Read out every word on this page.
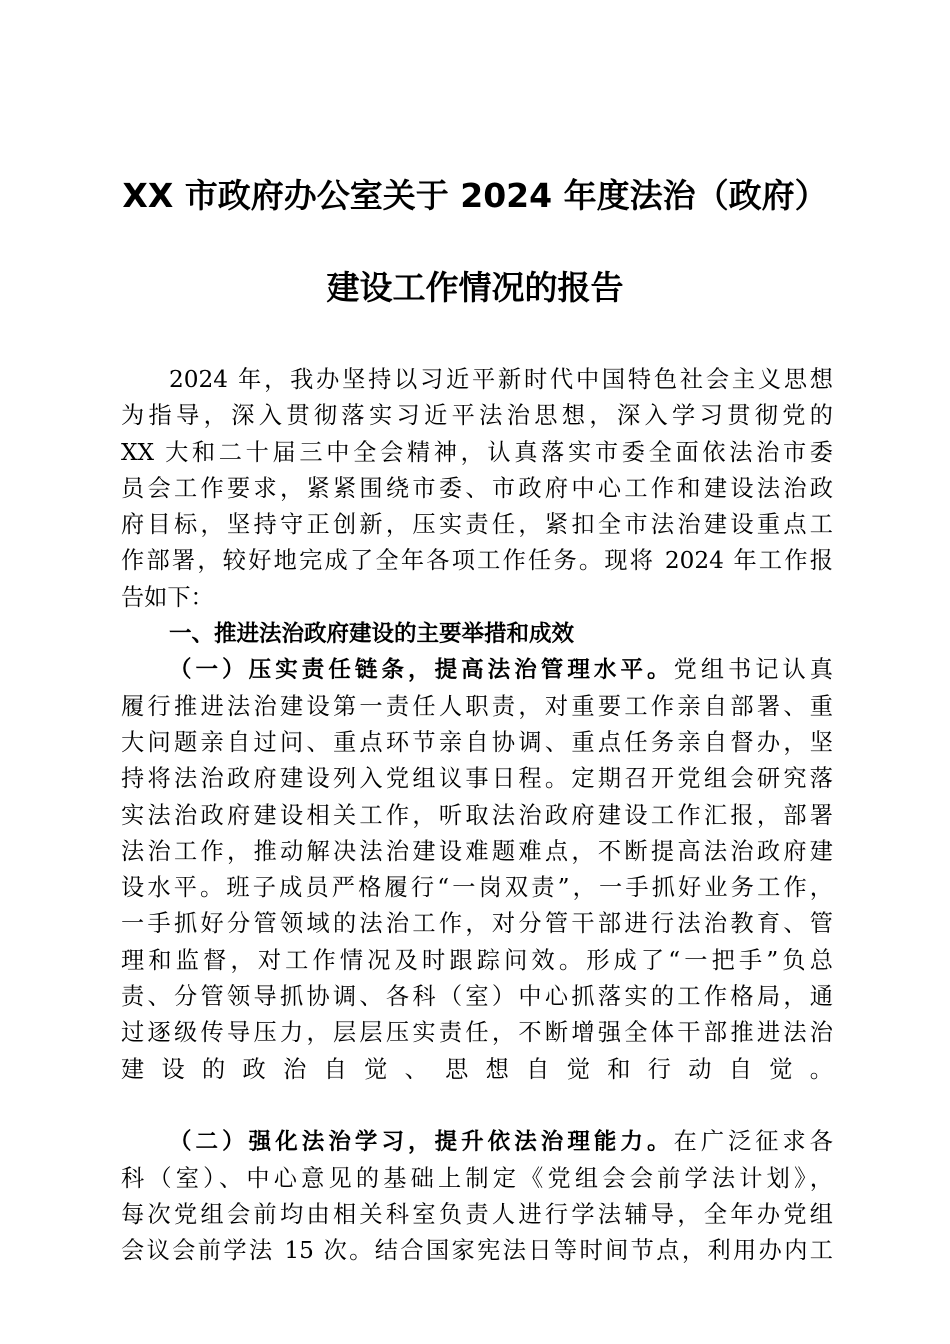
XX 市政府办公室关于 2024 年度法治（政府）
建设工作情况的报告
2024 年，我办坚持以习近平新时代中国特色社会主义思想
为指导，深入贯彻落实习近平法治思想，深入学习贯彻党的
XX 大和二十届三中全会精神，认真落实市委全面依法治市委
员会工作要求，紧紧围绕市委、市政府中心工作和建设法治政
府目标，坚持守正创新，压实责任，紧扣全市法治建设重点工
作部署，较好地完成了全年各项工作任务。现将 2024 年工作报
告如下：
一、推进法治政府建设的主要举措和成效
（一）压实责任链条，提高法治管理水平。党组书记认真
履行推进法治建设第一责任人职责，对重要工作亲自部署、重
大问题亲自过问、重点环节亲自协调、重点任务亲自督办，坚
持将法治政府建设列入党组议事日程。定期召开党组会研究落
实法治政府建设相关工作，听取法治政府建设工作汇报，部署
法治工作，推动解决法治建设难题难点，不断提高法治政府建
设水平。班子成员严格履行“一岗双责”，一手抓好业务工作，
一手抓好分管领域的法治工作，对分管干部进行法治教育、管
理和监督，对工作情况及时跟踪问效。形成了“一把手”负总
责、分管领导抓协调、各科（室）中心抓落实的工作格局，通
过逐级传导压力，层层压实责任，不断增强全体干部推进法治
建设的政治自觉、思想自觉和行动自觉。
（二）强化法治学习，提升依法治理能力。在广泛征求各
科（室）、中心意见的基础上制定《党组会会前学法计划》，
每次党组会前均由相关科室负责人进行学法辅导，全年办党组
会议会前学法 15 次。结合国家宪法日等时间节点，利用办内工
